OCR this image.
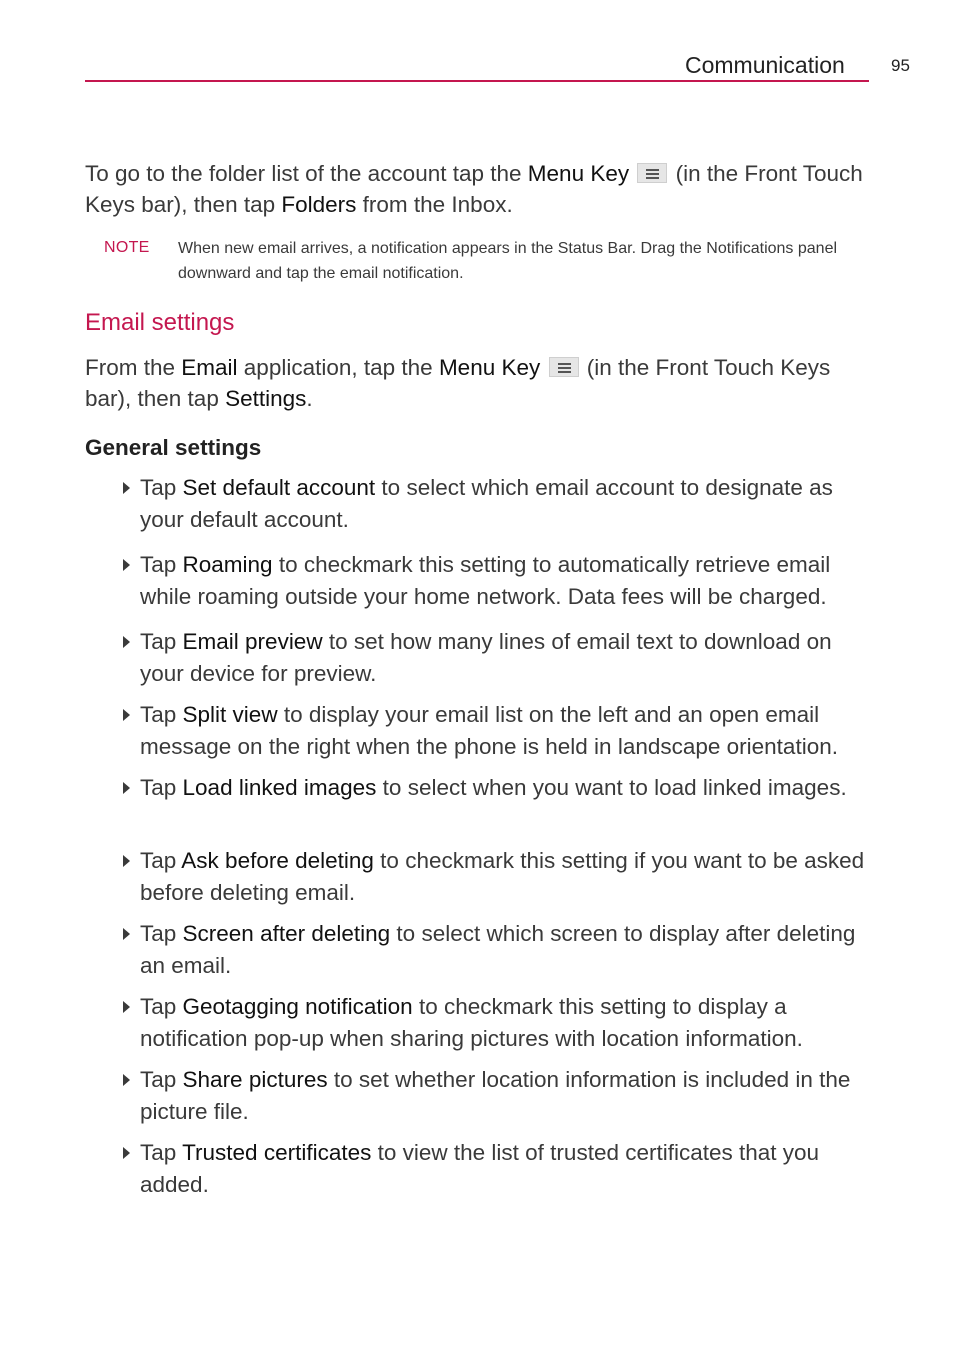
Communication	95
To go to the folder list of the account tap the Menu Key
(in the Front Touch Keys bar), then tap Folders from the Inbox.
NOTE When new email arrives, a notification appears in the Status Bar. Drag the Notifications panel downward and tap the email notification.
Email settings
From the Email application, tap the Menu Key
(in the Front Touch Keys bar), then tap Settings.
General settings
Tap Set default account to select which email account to designate as your default account.
Tap Roaming to checkmark this setting to automatically retrieve email while roaming outside your home network. Data fees will be charged.
Tap Email preview to set how many lines of email text to download on your device for preview.
Tap Split view to display your email list on the left and an open email message on the right when the phone is held in landscape orientation.
Tap Load linked images to select when you want to load linked images.
Tap Ask before deleting to checkmark this setting if you want to be asked before deleting email.
Tap Screen after deleting to select which screen to display after deleting an email.
Tap Geotagging notification to checkmark this setting to display a notification pop-up when sharing pictures with location information.
Tap Share pictures to set whether location information is included in the picture file.
Tap Trusted certificates to view the list of trusted certificates that you added.
